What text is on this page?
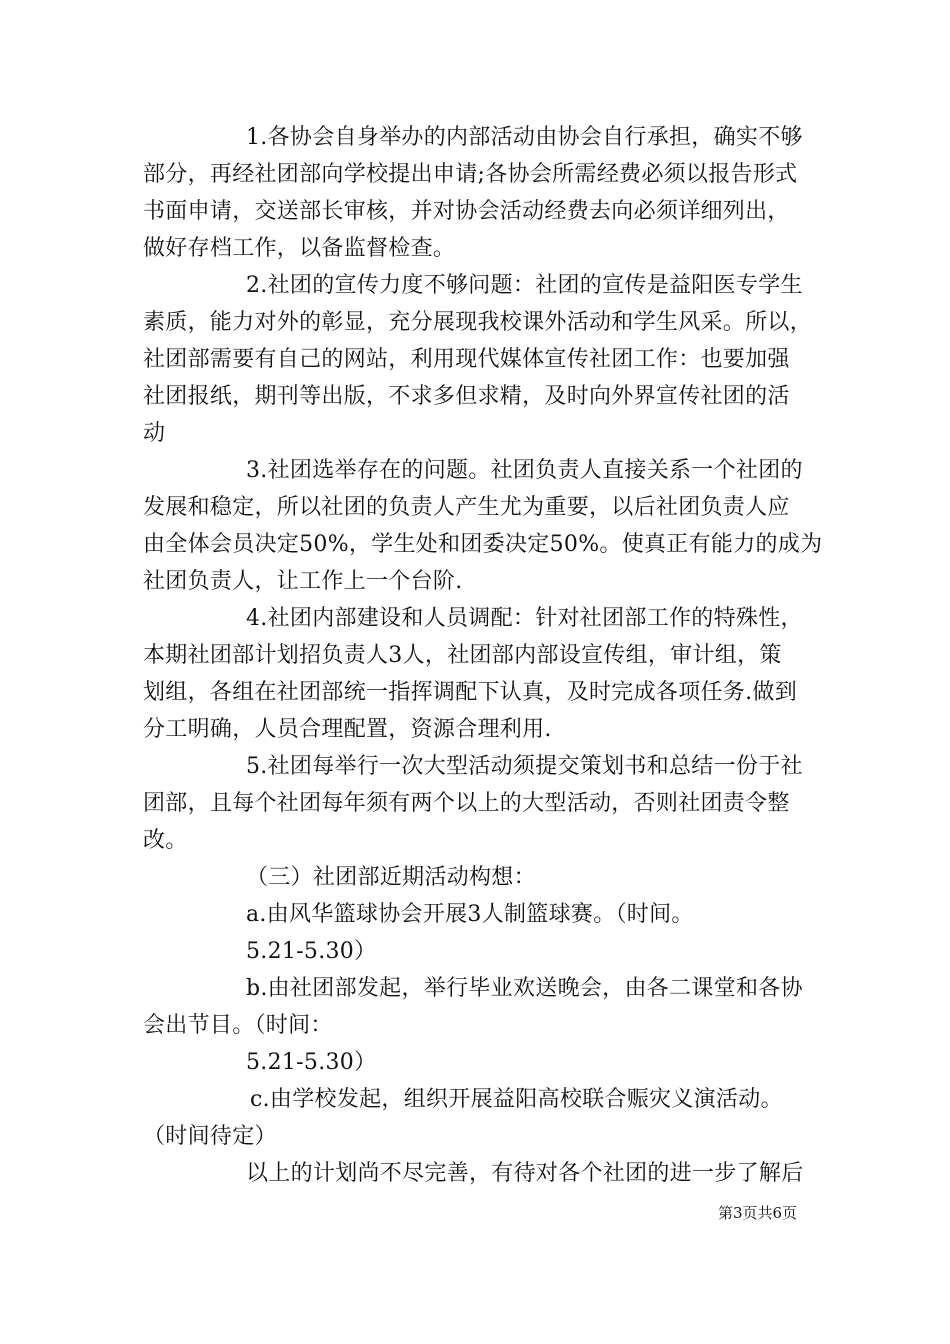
1.各协会自身举办的内部活动由协会自行承担，确实不够
部分，再经社团部向学校提出申请;各协会所需经费必须以报告形式
书面申请，交送部长审核，并对协会活动经费去向必须详细列出，
做好存档工作，以备监督检查。
2.社团的宣传力度不够问题：社团的宣传是益阳医专学生
素质，能力对外的彰显，充分展现我校课外活动和学生风采。所以，
社团部需要有自己的网站，利用现代媒体宣传社团工作：也要加强
社团报纸，期刊等出版，不求多但求精，及时向外界宣传社团的活
动
3.社团选举存在的问题。社团负责人直接关系一个社团的
发展和稳定，所以社团的负责人产生尤为重要，以后社团负责人应
由全体会员决定50%，学生处和团委决定50%。使真正有能力的成为
社团负责人，让工作上一个台阶.
4.社团内部建设和人员调配：针对社团部工作的特殊性，
本期社团部计划招负责人3人，社团部内部设宣传组，审计组，策
划组，各组在社团部统一指挥调配下认真，及时完成各项任务.做到
分工明确，人员合理配置，资源合理利用.
5.社团每举行一次大型活动须提交策划书和总结一份于社
团部，且每个社团每年须有两个以上的大型活动，否则社团责令整
改。
（三）社团部近期活动构想：
a.由风华篮球协会开展3人制篮球赛。（时间。
5.21-5.30）
b.由社团部发起，举行毕业欢送晚会，由各二课堂和各协
会出节目。（时间：
5.21-5.30）
c.由学校发起，组织开展益阳高校联合赈灾义演活动。
（时间待定）
以上的计划尚不尽完善，有待对各个社团的进一步了解后
第3页共6页
